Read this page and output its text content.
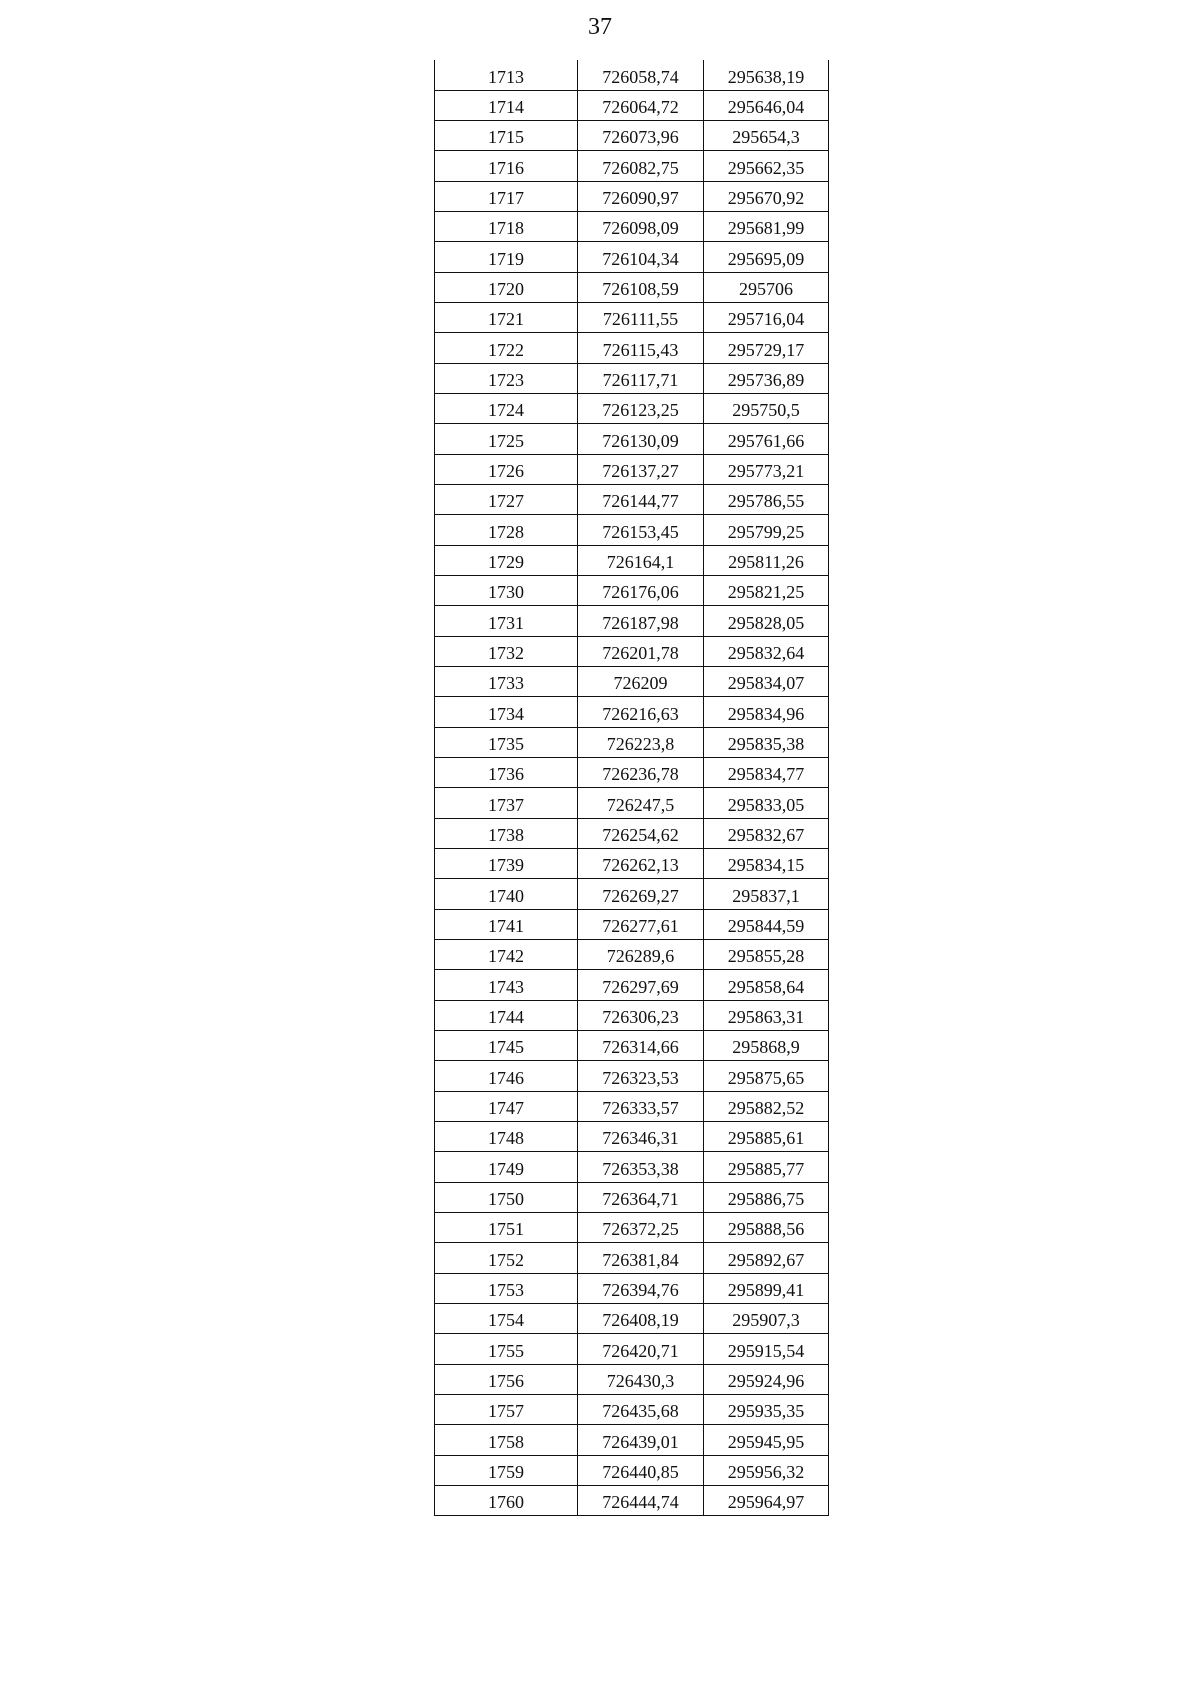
37
1713	726058,74	295638,19
1714	726064,72	295646,04
1715	726073,96	295654,3
1716	726082,75	295662,35
1717	726090,97	295670,92
1718	726098,09	295681,99
1719	726104,34	295695,09
1720	726108,59	295706
1721	726111,55	295716,04
1722	726115,43	295729,17
1723	726117,71	295736,89
1724	726123,25	295750,5
1725	726130,09	295761,66
1726	726137,27	295773,21
1727	726144,77	295786,55
1728	726153,45	295799,25
1729	726164,1	295811,26
1730	726176,06	295821,25
1731	726187,98	295828,05
1732	726201,78	295832,64
1733	726209	295834,07
1734	726216,63	295834,96
1735	726223,8	295835,38
1736	726236,78	295834,77
1737	726247,5	295833,05
1738	726254,62	295832,67
1739	726262,13	295834,15
1740	726269,27	295837,1
1741	726277,61	295844,59
1742	726289,6	295855,28
1743	726297,69	295858,64
1744	726306,23	295863,31
1745	726314,66	295868,9
1746	726323,53	295875,65
1747	726333,57	295882,52
1748	726346,31	295885,61
1749	726353,38	295885,77
1750	726364,71	295886,75
1751	726372,25	295888,56
1752	726381,84	295892,67
1753	726394,76	295899,41
1754	726408,19	295907,3
1755	726420,71	295915,54
1756	726430,3	295924,96
1757	726435,68	295935,35
1758	726439,01	295945,95
1759	726440,85	295956,32
1760	726444,74	295964,97
